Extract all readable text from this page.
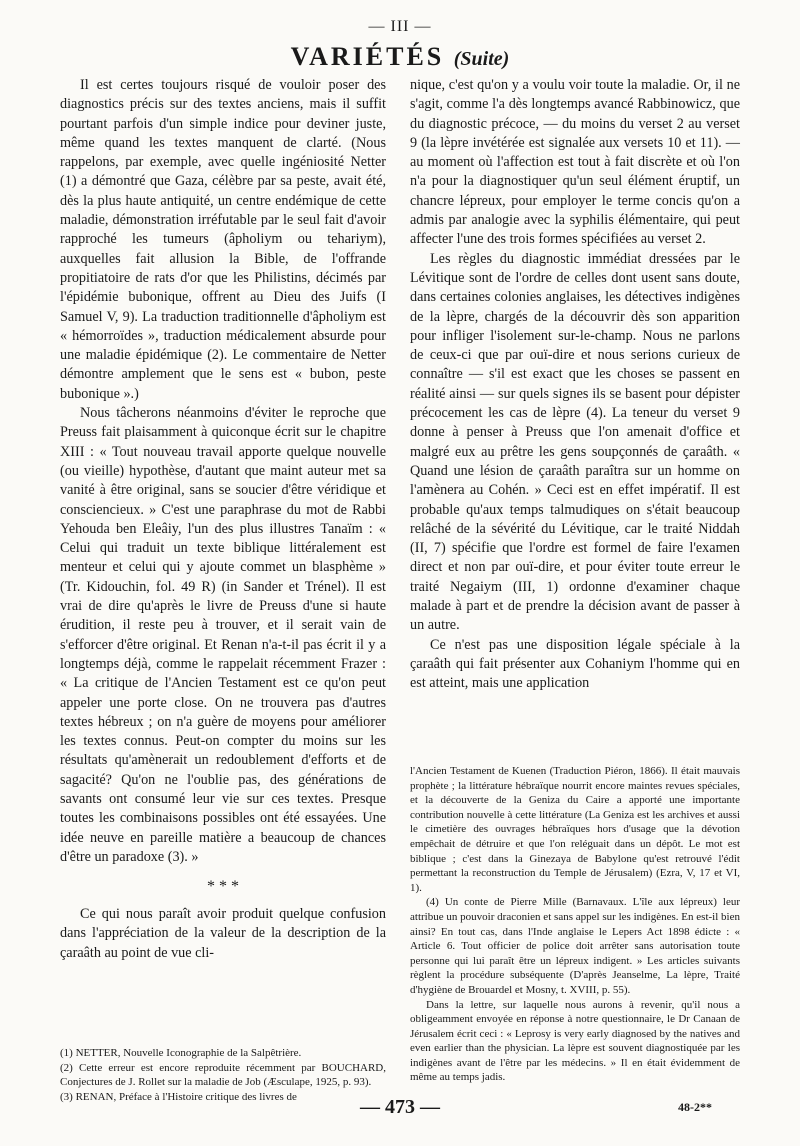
— III —
VARIÉTÉS (Suite)

Il est certes toujours risqué de vouloir poser des diagnostics précis sur des textes anciens, mais il suffit pourtant parfois d'un simple indice pour deviner juste, même quand les textes manquent de clarté. (Nous rappelons, par exemple, avec quelle ingéniosité Netter (1) a démontré que Gaza, célèbre par sa peste, avait été, dès la plus haute antiquité, un centre endémique de cette maladie, démonstration irréfutable par le seul fait d'avoir rapproché les tumeurs (âpholiym ou tehariym), auxquelles fait allusion la Bible, de l'offrande propitiatoire de rats d'or que les Philistins, décimés par l'épidémie bubonique, offrent au Dieu des Juifs (I Samuel V, 9). La traduction traditionnelle d'âpholiym est « hémorroïdes », traduction médicalement absurde pour une maladie épidémique (2). Le commentaire de Netter démontre amplement que le sens est « bubon, peste bubonique ».)

Nous tâcherons néanmoins d'éviter le reproche que Preuss fait plaisamment à quiconque écrit sur le chapitre XIII : « Tout nouveau travail apporte quelque nouvelle (ou vieille) hypothèse, d'autant que maint auteur met sa vanité à être original, sans se soucier d'être véridique et consciencieux. » C'est une paraphrase du mot de Rabbi Yehouda ben Eleâiy, l'un des plus illustres Tanaïm : « Celui qui traduit un texte biblique littéralement est menteur et celui qui y ajoute commet un blasphème » (Tr. Kidouchin, fol. 49 R) (in Sander et Trénel). Il est vrai de dire qu'après le livre de Preuss d'une si haute érudition, il reste peu à trouver, et il serait vain de s'efforcer d'être original. Et Renan n'a-t-il pas écrit il y a longtemps déjà, comme le rappelait récemment Frazer : « La critique de l'Ancien Testament est ce qu'on peut appeler une porte close. On ne trouvera pas d'autres textes hébreux ; on n'a guère de moyens pour améliorer les textes connus. Peut-on compter du moins sur les résultats qu'amènerait un redoublement d'efforts et de sagacité? Qu'on ne l'oublie pas, des générations de savants ont consumé leur vie sur ces textes. Presque toutes les combinaisons possibles ont été essayées. Une idée neuve en pareille matière a beaucoup de chances d'être un paradoxe (3). »

* * *

Ce qui nous paraît avoir produit quelque confusion dans l'appréciation de la valeur de la description de la çaraâth au point de vue cli-

(1) NETTER, Nouvelle Iconographie de la Salpêtrière.

(2) Cette erreur est encore reproduite récemment par BOUCHARD, Conjectures de J. Rollet sur la maladie de Job (Æsculape, 1925, p. 93).

(3) RENAN, Préface à l'Histoire critique des livres de

nique, c'est qu'on y a voulu voir toute la maladie. Or, il ne s'agit, comme l'a dès longtemps avancé Rabbinowicz, que du diagnostic précoce, — du moins du verset 2 au verset 9 (la lèpre invétérée est signalée aux versets 10 et 11). — au moment où l'affection est tout à fait discrète et où l'on n'a pour la diagnostiquer qu'un seul élément éruptif, un chancre lépreux, pour employer le terme concis qu'on a admis par analogie avec la syphilis élémentaire, qui peut affecter l'une des trois formes spécifiées au verset 2.

Les règles du diagnostic immédiat dressées par le Lévitique sont de l'ordre de celles dont usent sans doute, dans certaines colonies anglaises, les détectives indigènes de la lèpre, chargés de la découvrir dès son apparition pour infliger l'isolement sur-le-champ. Nous ne parlons de ceux-ci que par ouï-dire et nous serions curieux de connaître — s'il est exact que les choses se passent en réalité ainsi — sur quels signes ils se basent pour dépister précocement les cas de lèpre (4). La teneur du verset 9 donne à penser à Preuss que l'on amenait d'office et malgré eux au prêtre les gens soupçonnés de çaraâth. « Quand une lésion de çaraâth paraîtra sur un homme on l'amènera au Cohén. » Ceci est en effet impératif. Il est probable qu'aux temps talmudiques on s'était beaucoup relâché de la sévérité du Lévitique, car le traité Niddah (II, 7) spécifie que l'ordre est formel de faire l'examen direct et non par ouï-dire, et pour éviter toute erreur le traité Negaiym (III, 1) ordonne d'examiner chaque malade à part et de prendre la décision avant de passer à un autre.

Ce n'est pas une disposition légale spéciale à la çaraâth qui fait présenter aux Cohaniym l'homme qui en est atteint, mais une application

l'Ancien Testament de Kuenen (Traduction Piéron, 1866). Il était mauvais prophète ; la littérature hébraïque nourrit encore maintes revues spéciales, et la découverte de la Geniza du Caire a apporté une importante contribution nouvelle à cette littérature (La Geniza est les archives et aussi le cimetière des ouvrages hébraïques hors d'usage que la dévotion empêchait de détruire et que l'on reléguait dans un dépôt. Le mot est biblique ; c'est dans la Ginezaya de Babylone qu'est retrouvé l'édit permettant la reconstruction du Temple de Jérusalem) (Ezra, V, 17 et VI, 1).

(4) Un conte de Pierre Mille (Barnavaux. L'île aux lépreux) leur attribue un pouvoir draconien et sans appel sur les indigènes. En est-il bien ainsi? En tout cas, dans l'Inde anglaise le Lepers Act 1898 édicte : « Article 6. Tout officier de police doit arrêter sans autorisation toute personne qui lui paraît être un lépreux indigent. » Les articles suivants règlent la procédure subséquente (D'après Jeanselme, La lèpre, Traité d'hygiène de Brouardel et Mosny, t. XVIII, p. 55).

Dans la lettre, sur laquelle nous aurons à revenir, qu'il nous a obligeamment envoyée en réponse à notre questionnaire, le Dr Canaan de Jérusalem écrit ceci : « Leprosy is very early diagnosed by the natives and even earlier than the physician. La lèpre est souvent diagnostiquée par les indigènes avant de l'être par les médecins. » Il en était évidemment de même au temps jadis.

— 473 —	48-2**
